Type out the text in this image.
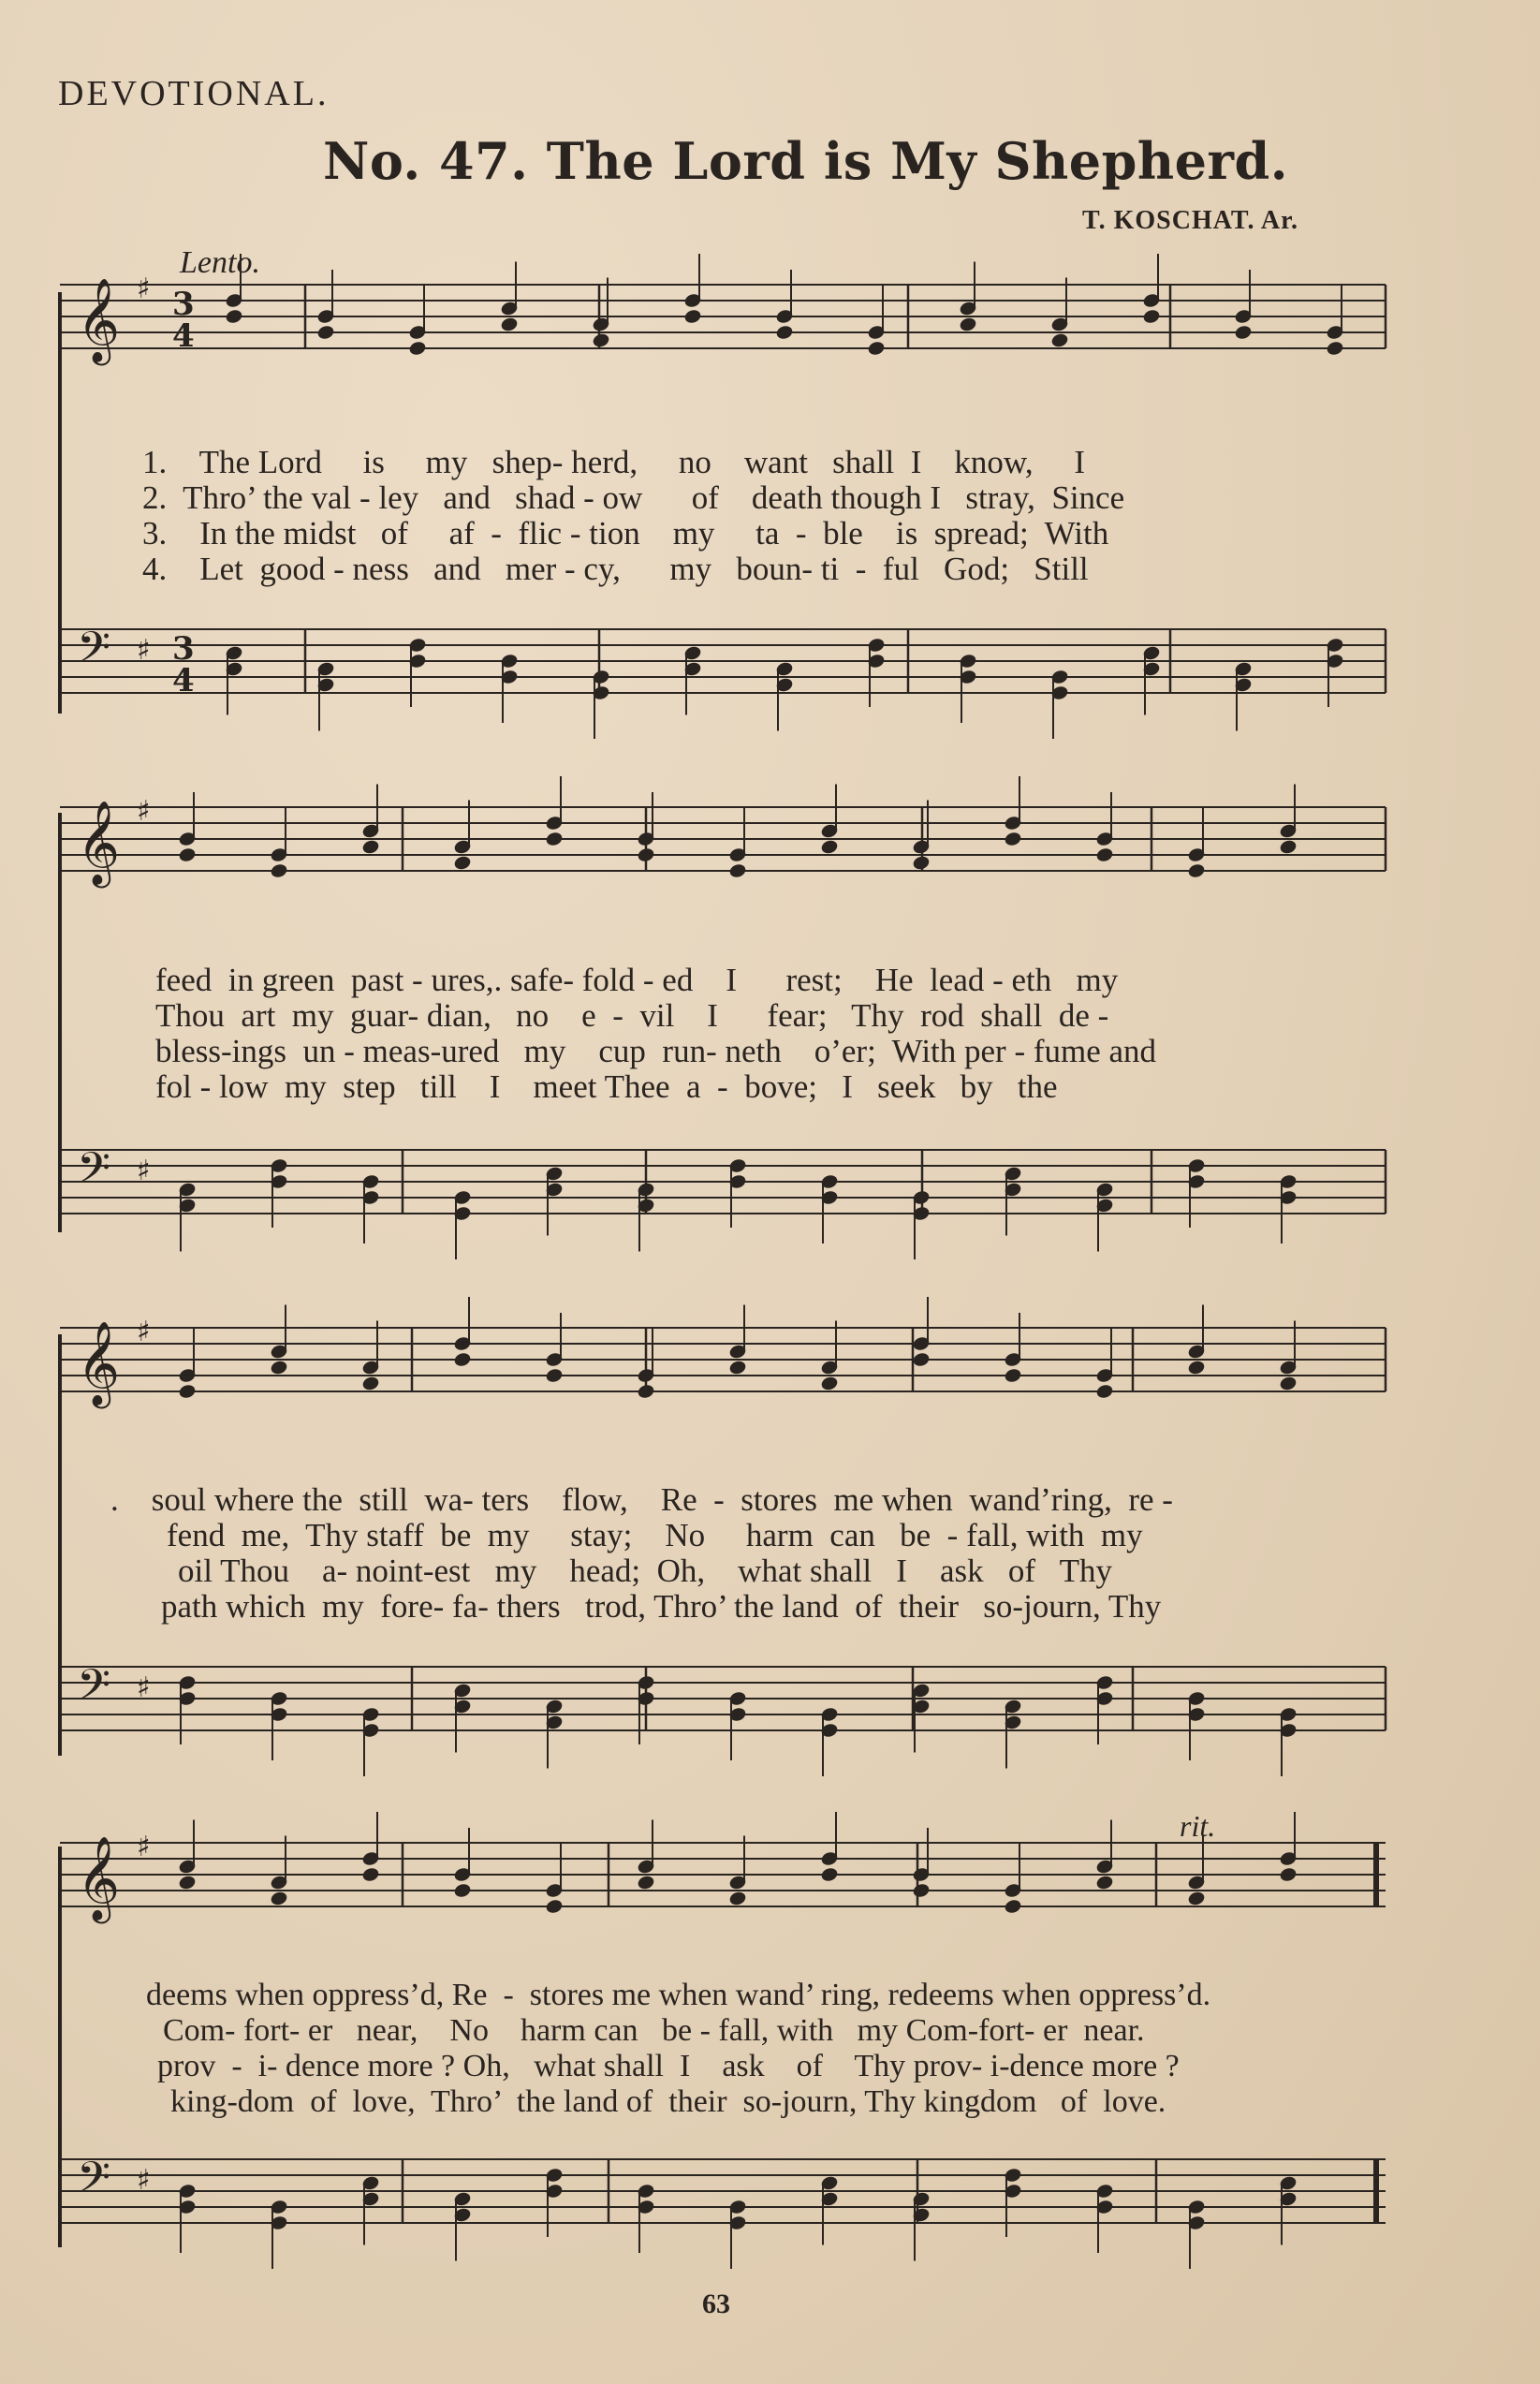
DEVOTIONAL.
No. 47. The Lord is My Shepherd.
T. KOSCHAT. Ar.
Lento.
rit.
𝄞 ♯ 3
4
𝄢 ♯ 3
4
𝄞 ♯
𝄢 ♯
𝄞 ♯
𝄢 ♯
𝄞 ♯
𝄢 ♯
1.    The Lord     is     my   shep- herd,     no    want   shall  I    know,     I
2.  Thro’ the val - ley   and   shad - ow      of    death though I   stray,  Since
3.    In the midst   of     af  -  flic - tion    my     ta  -  ble    is  spread;  With
4.    Let  good - ness   and   mer - cy,      my   boun- ti  -  ful   God;   Still
feed  in green  past - ures,. safe- fold - ed    I      rest;    He  lead - eth   my
Thou  art  my  guar- dian,   no    e  -  vil    I      fear;   Thy  rod  shall  de -
bless-ings  un - meas-ured   my    cup  run- neth    o’er;  With per - fume and
fol - low  my  step   till    I    meet Thee  a  -  bove;   I   seek   by   the
.    soul where the  still  wa- ters    flow,    Re  -  stores  me when  wand’ring,  re -
fend  me,  Thy staff  be  my     stay;    No     harm  can   be  - fall, with  my
oil Thou    a- noint-est   my    head;  Oh,    what shall   I    ask   of   Thy
path which  my  fore- fa- thers   trod, Thro’ the land  of  their   so-journ, Thy
deems when oppress’d, Re  -  stores me when wand’ ring, redeems when oppress’d.
Com- fort- er   near,    No    harm can   be - fall, with   my Com-fort- er  near.
prov  -  i- dence more ? Oh,   what shall  I    ask    of    Thy prov- i-dence more ?
king-dom  of  love,  Thro’  the land of  their  so-journ, Thy kingdom   of  love.
63
